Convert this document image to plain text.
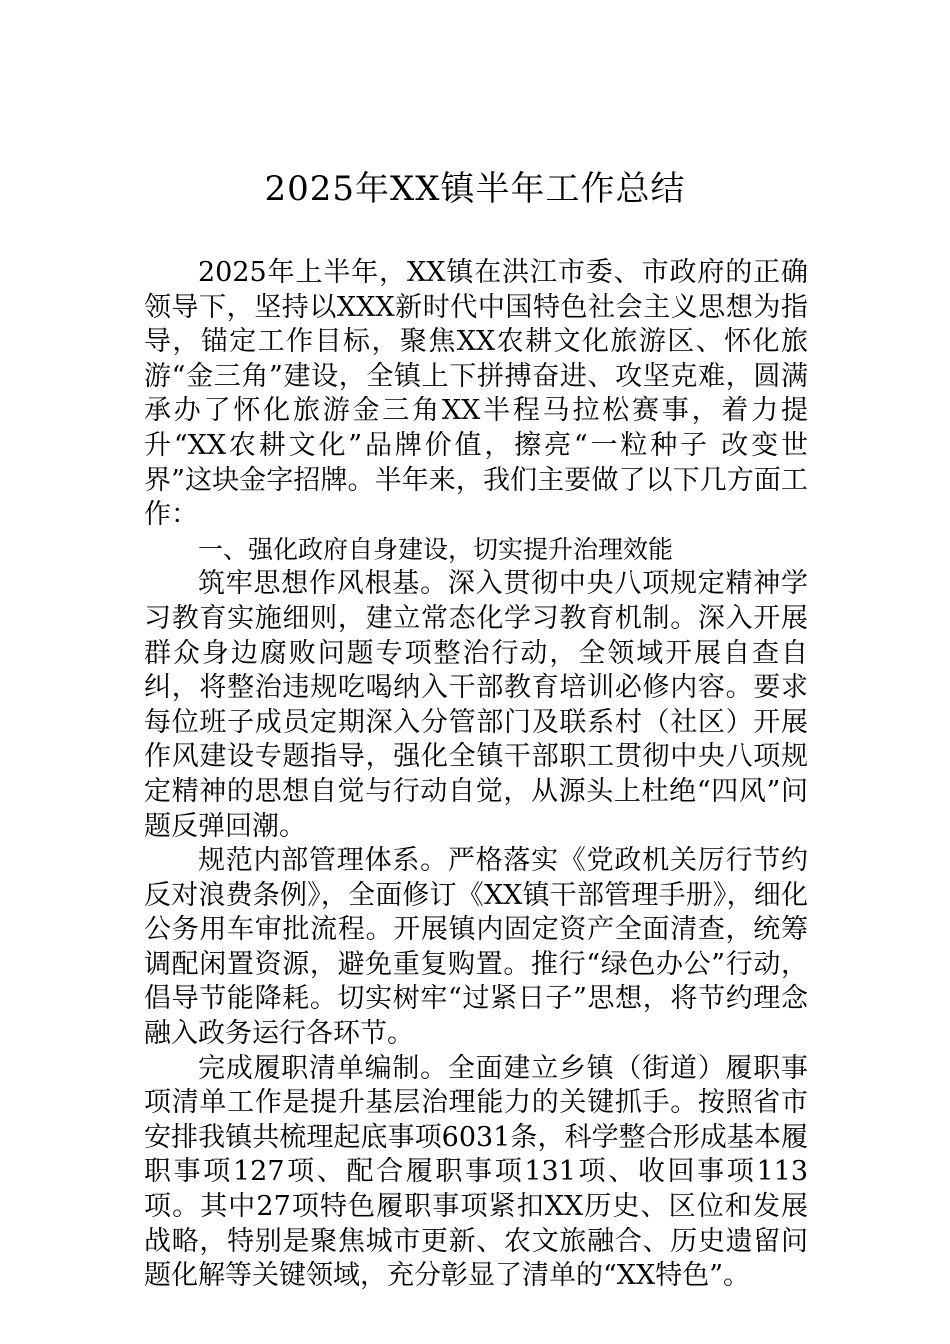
2025年XX镇半年工作总结

2025年上半年，XX镇在洪江市委、市政府的正确领导下，坚持以XXX新时代中国特色社会主义思想为指导，锚定工作目标，聚焦XX农耕文化旅游区、怀化旅游“金三角”建设，全镇上下拼搏奋进、攻坚克难，圆满承办了怀化旅游金三角XX半程马拉松赛事，着力提升“XX农耕文化”品牌价值，擦亮“一粒种子 改变世界”这块金字招牌。半年来，我们主要做了以下几方面工作：

一、强化政府自身建设，切实提升治理效能

筑牢思想作风根基。深入贯彻中央八项规定精神学习教育实施细则，建立常态化学习教育机制。深入开展群众身边腐败问题专项整治行动，全领域开展自查自纠，将整治违规吃喝纳入干部教育培训必修内容。要求每位班子成员定期深入分管部门及联系村（社区）开展作风建设专题指导，强化全镇干部职工贯彻中央八项规定精神的思想自觉与行动自觉，从源头上杜绝“四风”问题反弹回潮。

规范内部管理体系。严格落实《党政机关厉行节约反对浪费条例》，全面修订《XX镇干部管理手册》，细化公务用车审批流程。开展镇内固定资产全面清查，统筹调配闲置资源，避免重复购置。推行“绿色办公”行动，倡导节能降耗。切实树牢“过紧日子”思想，将节约理念融入政务运行各环节。

完成履职清单编制。全面建立乡镇（街道）履职事项清单工作是提升基层治理能力的关键抓手。按照省市安排我镇共梳理起底事项6031条，科学整合形成基本履职事项127项、配合履职事项131项、收回事项113项。其中27项特色履职事项紧扣XX历史、区位和发展战略，特别是聚焦城市更新、农文旅融合、历史遗留问题化解等关键领域，充分彰显了清单的“XX特色”。
